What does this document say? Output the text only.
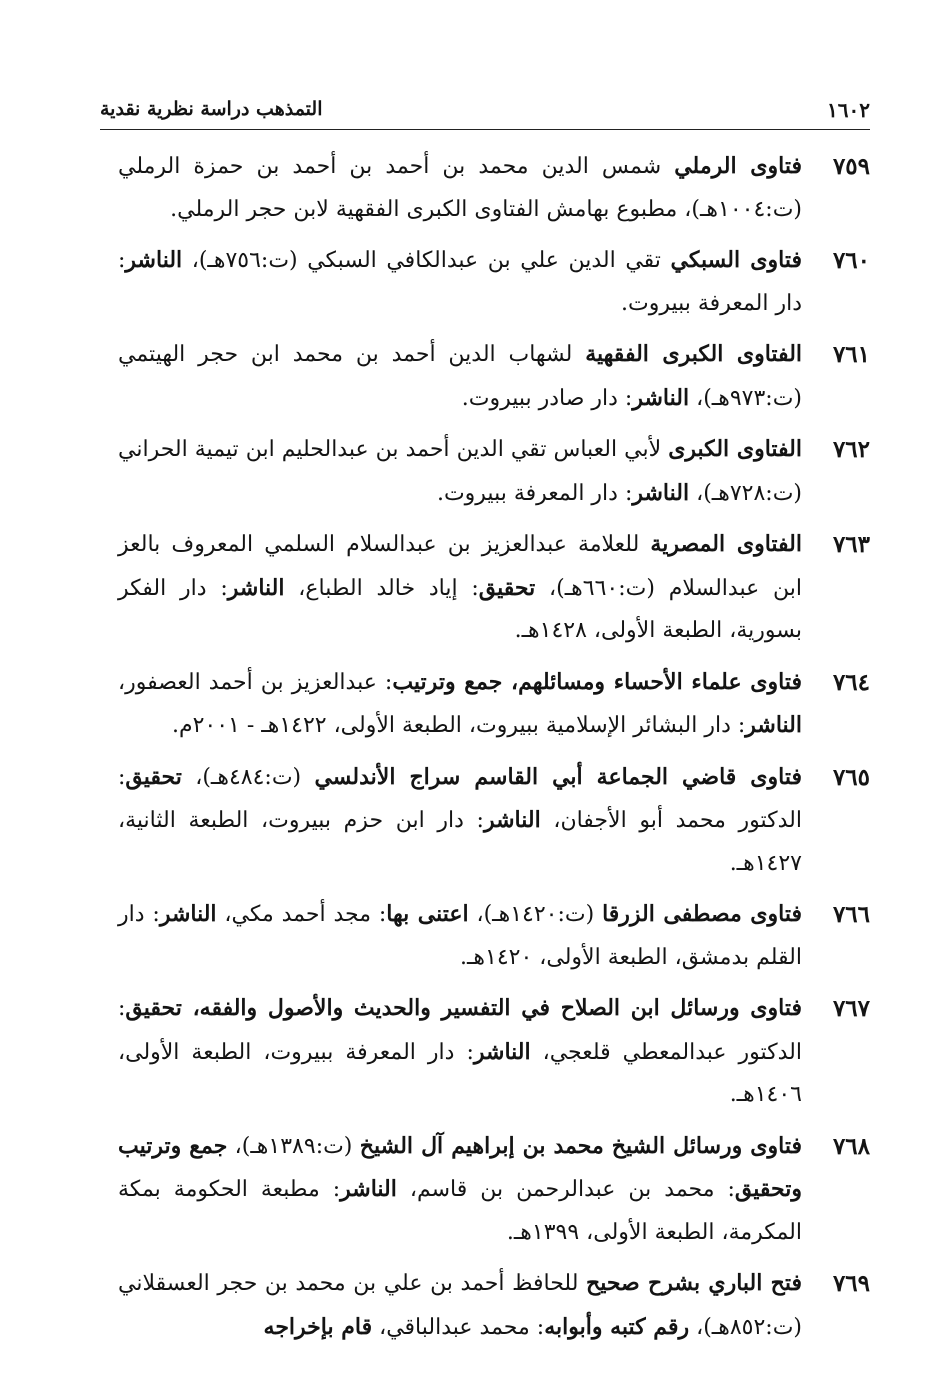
١٦٠٢
التمذهب دراسة نظرية نقدية
٧٥٩
فتاوى الرملي شمس الدين محمد بن أحمد بن أحمد بن حمزة الرملي (ت:١٠٠٤هـ)، مطبوع بهامش الفتاوى الكبرى الفقهية لابن حجر الرملي.
٧٦٠
فتاوى السبكي تقي الدين علي بن عبدالكافي السبكي (ت:٧٥٦هـ)، الناشر: دار المعرفة ببيروت.
٧٦١
الفتاوى الكبرى الفقهية لشهاب الدين أحمد بن محمد ابن حجر الهيتمي (ت:٩٧٣هـ)، الناشر: دار صادر ببيروت.
٧٦٢
الفتاوى الكبرى لأبي العباس تقي الدين أحمد بن عبدالحليم ابن تيمية الحراني (ت:٧٢٨هـ)، الناشر: دار المعرفة ببيروت.
٧٦٣
الفتاوى المصرية للعلامة عبدالعزيز بن عبدالسلام السلمي المعروف بالعز ابن عبدالسلام (ت:٦٦٠هـ)، تحقيق: إياد خالد الطباع، الناشر: دار الفكر بسورية، الطبعة الأولى، ١٤٢٨هـ.
٧٦٤
فتاوى علماء الأحساء ومسائلهم، جمع وترتيب: عبدالعزيز بن أحمد العصفور، الناشر: دار البشائر الإسلامية ببيروت، الطبعة الأولى، ١٤٢٢هـ - ٢٠٠١م.
٧٦٥
فتاوى قاضي الجماعة أبي القاسم سراج الأندلسي (ت:٤٨٤هـ)، تحقيق: الدكتور محمد أبو الأجفان، الناشر: دار ابن حزم ببيروت، الطبعة الثانية، ١٤٢٧هـ.
٧٦٦
فتاوى مصطفى الزرقا (ت:١٤٢٠هـ)، اعتنى بها: مجد أحمد مكي، الناشر: دار القلم بدمشق، الطبعة الأولى، ١٤٢٠هـ.
٧٦٧
فتاوى ورسائل ابن الصلاح في التفسير والحديث والأصول والفقه، تحقيق: الدكتور عبدالمعطي قلعجي، الناشر: دار المعرفة ببيروت، الطبعة الأولى، ١٤٠٦هـ.
٧٦٨
فتاوى ورسائل الشيخ محمد بن إبراهيم آل الشيخ (ت:١٣٨٩هـ)، جمع وترتيب وتحقيق: محمد بن عبدالرحمن بن قاسم، الناشر: مطبعة الحكومة بمكة المكرمة، الطبعة الأولى، ١٣٩٩هـ.
٧٦٩
فتح الباري بشرح صحيح للحافظ أحمد بن علي بن محمد بن حجر العسقلاني (ت:٨٥٢هـ)، رقم كتبه وأبوابه: محمد عبدالباقي، قام بإخراجه
